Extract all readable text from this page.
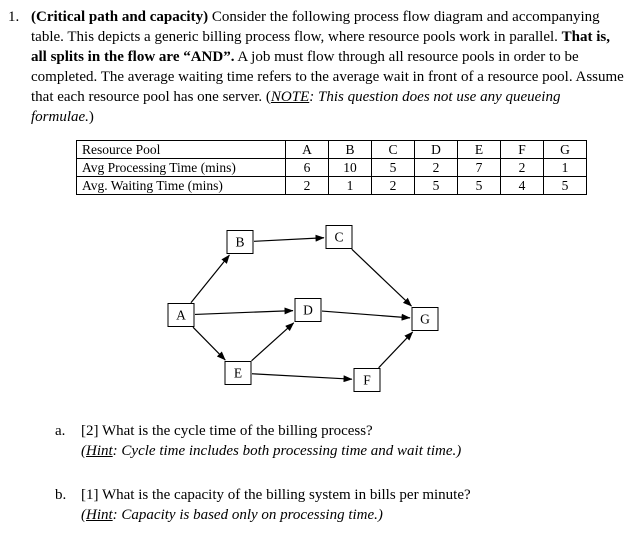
1. (Critical path and capacity) Consider the following process flow diagram and accompanying table. This depicts a generic billing process flow, where resource pools work in parallel. That is, all splits in the flow are “AND”. A job must flow through all resource pools in order to be completed. The average waiting time refers to the average wait in front of a resource pool. Assume that each resource pool has one server. (NOTE: This question does not use any queueing formulae.)
Resource Pool	A	B	C	D	E	F	G
Avg Processing Time (mins)	6	10	5	2	7	2	1
Avg. Waiting Time (mins)	2	1	2	5	5	4	5
A
B	C
D
E	F
G
a.	[2] What is the cycle time of the billing process?
(Hint: Cycle time includes both processing time and wait time.)
b. [1] What is the capacity of the billing system in bills per minute?
(Hint: Capacity is based only on processing time.)
